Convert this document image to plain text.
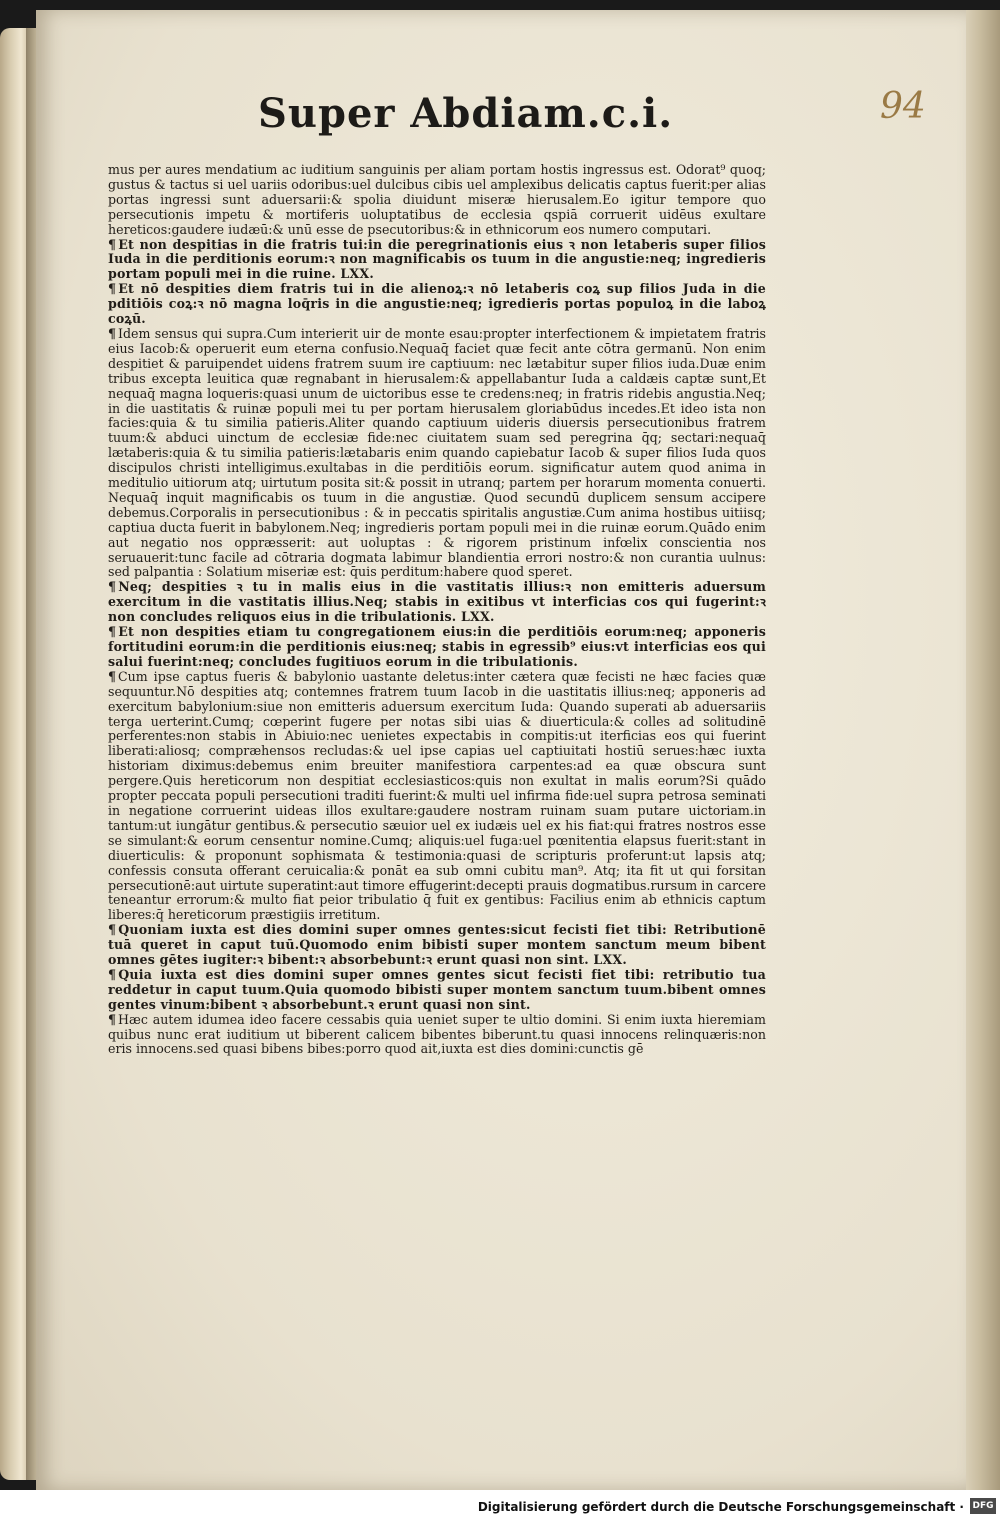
94
Super Abdiam.c.i.

mus per aures mendatium ac iuditium sanguinis per aliam portam hostis ingressus est. Odorat⁹ quoq; gustus & tactus si uel uariis odoribus:uel dulcibus cibis uel amplexibus delicatis captus fuerit:per alias portas ingressi sunt aduersarii:& spolia diuidunt miseræ hierusalem.Eo igitur tempore quo persecutionis impetu & mortiferis uoluptatibus de ecclesia qspiā corruerit uidēus exultare hereticos:gaudere iudæū:& unū esse de psecutoribus:& in ethnicorum eos numero computari.

¶ Et non despitias in die fratris tui:in die peregrinationis eius ꝛ non letaberis super filios Iuda in die perditionis eorum:ꝛ non magnificabis os tuum in die angustie:neq; ingredieris portam populi mei in die ruine. LXX.

¶ Et nō despities diem fratris tui in die alienoꝝ:ꝛ nō letaberis coꝝ sup filios Juda in die pditiōis coꝝ:ꝛ nō magna loq̄ris in die angustie:neq; igredieris portas populoꝝ in die laboꝝ coꝝū.

¶ Idem sensus qui supra.Cum interierit uir de monte esau:propter interfectionem & impietatem fratris eius Iacob:& operuerit eum eterna confusio.Nequaq̄ faciet quæ fecit ante cōtra germanū. Non enim despitiet & paruipendet uidens fratrem suum ire captiuum: nec lætabitur super filios iuda.Duæ enim tribus excepta leuitica quæ regnabant in hierusalem:& appellabantur Iuda a caldæis captæ sunt,Et nequaq̄ magna loqueris:quasi unum de uictoribus esse te credens:neq; in fratris ridebis angustia.Neq; in die uastitatis & ruinæ populi mei tu per portam hierusalem gloriabūdus incedes.Et ideo ista non facies:quia & tu similia patieris.Aliter quando captiuum uideris diuersis persecutionibus fratrem tuum:& abduci uinctum de ecclesiæ fide:nec ciuitatem suam sed peregrina q̄q; sectari:nequaq̄ lætaberis:quia & tu similia patieris:lætabaris enim quando capiebatur Iacob & super filios Iuda quos discipulos christi intelligimus.exultabas in die perditiōis eorum. significatur autem quod anima in meditulio uitiorum atq; uirtutum posita sit:& possit in utranq; partem per horarum momenta conuerti. Nequaq̄ inquit magnificabis os tuum in die angustiæ. Quod secundū duplicem sensum accipere debemus.Corporalis in persecutionibus : & in peccatis spiritalis angustiæ.Cum anima hostibus uitiisq; captiua ducta fuerit in babylonem.Neq; ingredieris portam populi mei in die ruinæ eorum.Quādo enim aut negatio nos oppræsserit: aut uoluptas : & rigorem pristinum infœlix conscientia nos seruauerit:tunc facile ad cōtraria dogmata labimur blandientia errori nostro:& non curantia uulnus: sed palpantia : Solatium miseriæ est: q̄uis perditum:habere quod speret.

¶ Neq; despities ꝛ tu in malis eius in die vastitatis illius:ꝛ non emitteris aduersum exercitum in die vastitatis illius.Neq; stabis in exitibus vt interficias cos qui fugerint:ꝛ non concludes reliquos eius in die tribulationis. LXX.

¶ Et non despities etiam tu congregationem eius:in die perditiōis eorum:neq; apponeris fortitudini eorum:in die perditionis eius:neq; stabis in egressib⁹ eius:vt interficias eos qui salui fuerint:neq; concludes fugitiuos eorum in die tribulationis.

¶ Cum ipse captus fueris & babylonio uastante deletus:inter cætera quæ fecisti ne hæc facies quæ sequuntur.Nō despities atq; contemnes fratrem tuum Iacob in die uastitatis illius:neq; apponeris ad exercitum babylonium:siue non emitteris aduersum exercitum Iuda: Quando superati ab aduersariis terga uerterint.Cumq; cœperint fugere per notas sibi uias & diuerticula:& colles ad solitudinē perferentes:non stabis in Abiuio:nec uenietes expectabis in compitis:ut iterficias eos qui fuerint liberati:aliosq; compræhensos recludas:& uel ipse capias uel captiuitati hostiū serues:hæc iuxta historiam diximus:debemus enim breuiter manifestiora carpentes:ad ea quæ obscura sunt pergere.Quis hereticorum non despitiat ecclesiasticos:quis non exultat in malis eorum?Si quādo propter peccata populi persecutioni traditi fuerint:& multi uel infirma fide:uel supra petrosa seminati in negatione corruerint uideas illos exultare:gaudere nostram ruinam suam putare uictoriam.in tantum:ut iungātur gentibus.& persecutio sæuior uel ex iudæis uel ex his fiat:qui fratres nostros esse se simulant:& eorum censentur nomine.Cumq; aliquis:uel fuga:uel pœnitentia elapsus fuerit:stant in diuerticulis: & proponunt sophismata & testimonia:quasi de scripturis proferunt:ut lapsis atq; confessis consuta offerant ceruicalia:& ponāt ea sub omni cubitu man⁹. Atq; ita fit ut qui forsitan persecutionē:aut uirtute superatint:aut timore effugerint:decepti prauis dogmatibus.rursum in carcere teneantur errorum:& multo fiat peior tribulatio q̄ fuit ex gentibus: Facilius enim ab ethnicis captum liberes:q̄ hereticorum præstigiis irretitum.

¶ Quoniam iuxta est dies domini super omnes gentes:sicut fecisti fiet tibi: Retributionē tuā queret in caput tuū.Quomodo enim bibisti super montem sanctum meum bibent omnes gētes iugiter:ꝛ bibent:ꝛ absorbebunt:ꝛ erunt quasi non sint. LXX.

¶ Quia iuxta est dies domini super omnes gentes sicut fecisti fiet tibi: retributio tua reddetur in caput tuum.Quia quomodo bibisti super montem sanctum tuum.bibent omnes gentes vinum:bibent ꝛ absorbebunt.ꝛ erunt quasi non sint.

¶ Hæc autem idumea ideo facere cessabis quia ueniet super te ultio domini. Si enim iuxta hieremiam quibus nunc erat iuditium ut biberent calicem bibentes biberunt.tu quasi innocens relinquæris:non eris innocens.sed quasi bibens bibes:porro quod ait,iuxta est dies domini:cunctis gē

Digitalisierung gefördert durch die Deutsche Forschungsgemeinschaft · DFG
